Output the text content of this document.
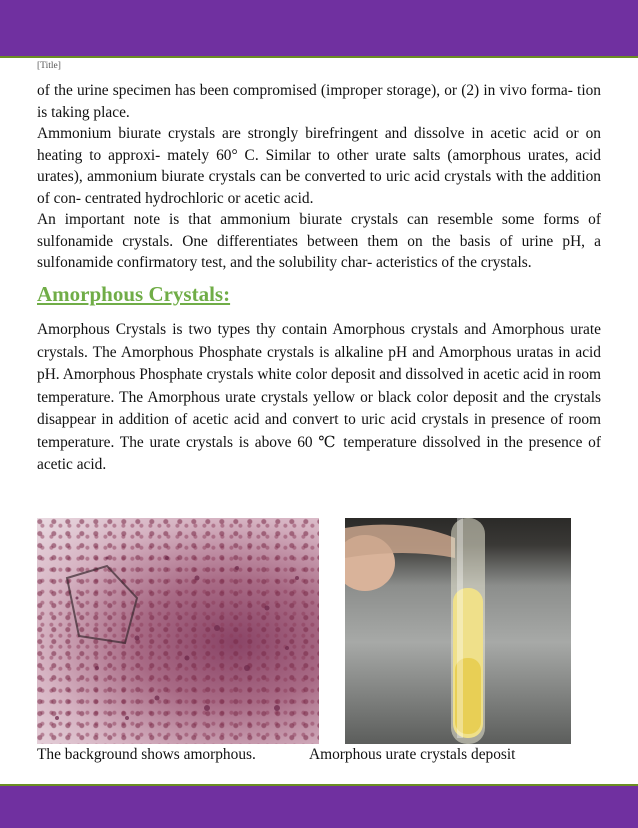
[Title]

of the urine specimen has been compromised (improper storage), or (2) in vivo forma- tion is taking place.

Ammonium biurate crystals are strongly birefringent and dissolve in acetic acid or on heating to approxi- mately 60° C. Similar to other urate salts (amorphous urates, acid urates), ammonium biurate crystals can be converted to uric acid crystals with the addition of con- centrated hydrochloric or acetic acid.

An important note is that ammonium biurate crystals can resemble some forms of sulfonamide crystals. One differentiates between them on the basis of urine pH, a sulfonamide confirmatory test, and the solubility char- acteristics of the crystals.

Amorphous Crystals:

Amorphous Crystals is two types thy contain Amorphous crystals and Amorphous urate crystals. The Amorphous Phosphate crystals is alkaline pH and Amorphous uratas in acid pH. Amorphous Phosphate crystals white color deposit and dissolved in acetic acid in room temperature. The Amorphous urate crystals yellow or black color deposit and the crystals disappear in addition of acetic acid and convert to uric acid crystals in presence of room temperature. The urate crystals is above 60 ℃ temperature dissolved in the presence of acetic acid.

The background shows amorphous.	Amorphous urate crystals deposit
